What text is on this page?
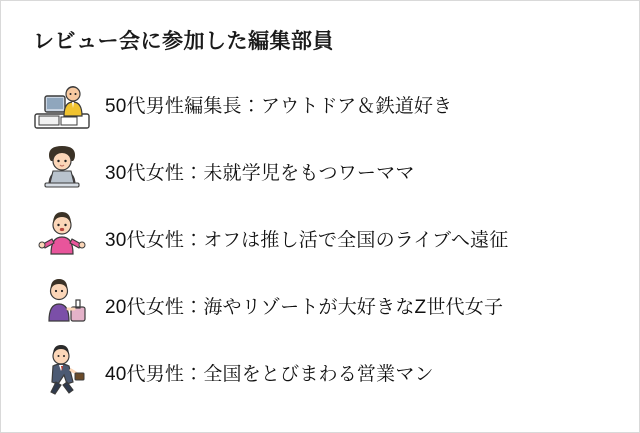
レビュー会に参加した編集部員
50代男性編集長：アウトドア＆鉄道好き
30代女性：未就学児をもつワーママ
30代女性：オフは推し活で全国のライブへ遠征
20代女性：海やリゾートが大好きなZ世代女子
40代男性：全国をとびまわる営業マン
